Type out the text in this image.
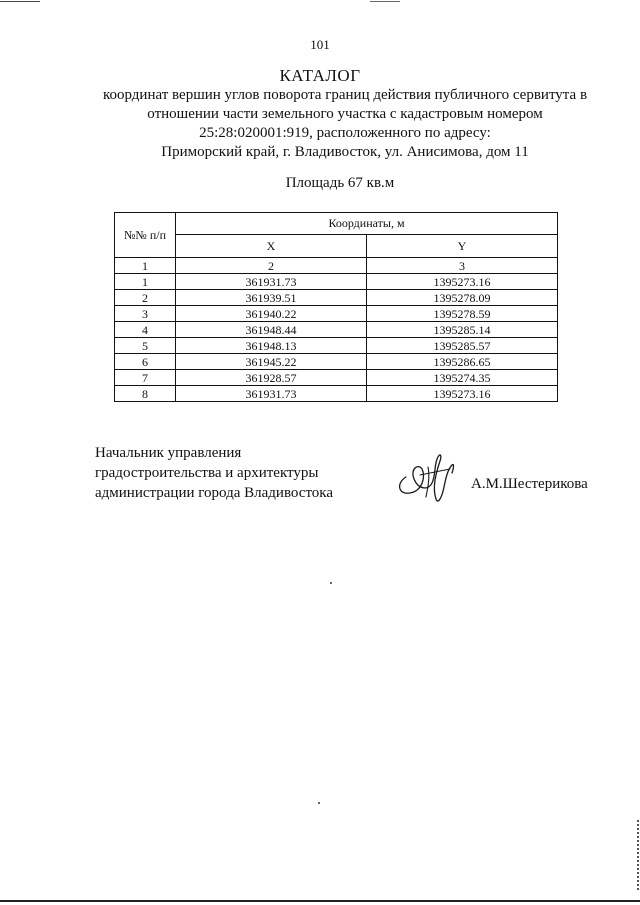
101
КАТАЛОГ
координат вершин углов поворота границ действия публичного сервитута в
отношении части земельного участка с кадастровым номером
25:28:020001:919, расположенного по адресу:
Приморский край, г. Владивосток, ул. Анисимова, дом 11
Площадь 67 кв.м
№№ п/п	Координаты, м	
	X	Y
1	2	3
1	361931.73	1395273.16
2	361939.51	1395278.09
3	361940.22	1395278.59
4	361948.44	1395285.14
5	361948.13	1395285.57
6	361945.22	1395286.65
7	361928.57	1395274.35
8	361931.73	1395273.16
Начальник управления
градостроительства и архитектуры
администрации города Владивостока
А.М.Шестерикова
